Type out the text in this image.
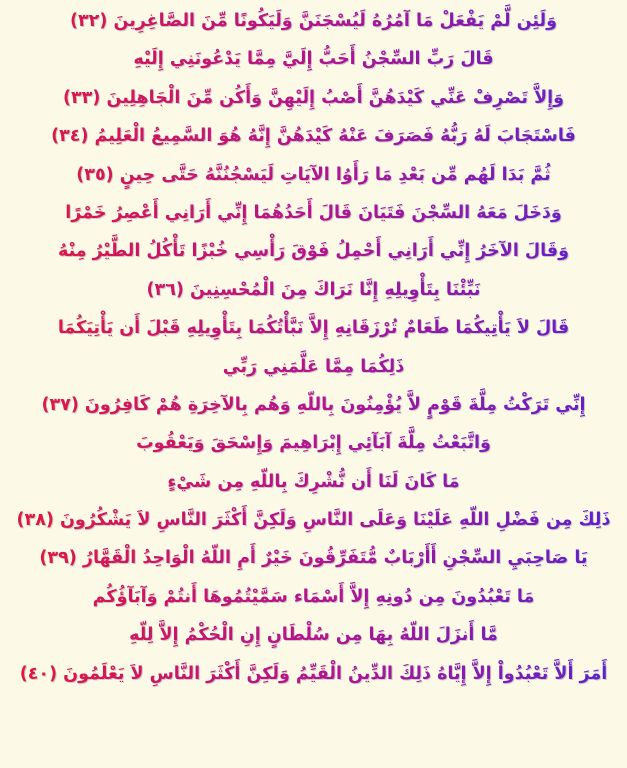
وَلَئِن لَّمْ يَفْعَلْ مَا آمُرُهُ لَيُسْجَنَنَّ وَلَيَكُونًا مِّنَ الصَّاغِرِينَ (٣٢)
قَالَ رَبِّ السِّجْنُ أَحَبُّ إِلَيَّ مِمَّا يَدْعُونَنِي إِلَيْهِ
وَإِلاَّ تَصْرِفْ عَنِّي كَيْدَهُنَّ أَصْبُ إِلَيْهِنَّ وَأَكُن مِّنَ الْجَاهِلِينَ (٣٣)
فَاسْتَجَابَ لَهُ رَبُّهُ فَصَرَفَ عَنْهُ كَيْدَهُنَّ إِنَّهُ هُوَ السَّمِيعُ الْعَلِيمُ (٣٤)
ثُمَّ بَدَا لَهُم مِّن بَعْدِ مَا رَأَوُا الآيَاتِ لَيَسْجُنُنَّهُ حَتَّى حِينٍ (٣٥)
وَدَخَلَ مَعَهُ السِّجْنَ فَتَيَانَ قَالَ أَحَدُهُمَا إِنِّي أَرَانِي أَعْصِرُ خَمْرًا
وَقَالَ الآخَرُ إِنِّي أَرَانِي أَحْمِلُ فَوْقَ رَأْسِي خُبْزًا تَأْكُلُ الطَّيْرُ مِنْهُ
نَبِّئْنَا بِتَأْوِيلِهِ إِنَّا نَرَاكَ مِنَ الْمُحْسِنِينَ (٣٦)
قَالَ لاَ يَأْتِيكُمَا طَعَامٌ تُرْزَقَانِهِ إِلاَّ نَبَّأْتُكُمَا بِتَأْوِيلِهِ قَبْلَ أَن يَأْتِيَكُمَا
ذَلِكُمَا مِمَّا عَلَّمَنِي رَبِّي
إِنِّي تَرَكْتُ مِلَّةَ قَوْمٍ لاَّ يُؤْمِنُونَ بِاللّهِ وَهُم بِالآخِرَةِ هُمْ كَافِرُونَ (٣٧)
وَاتَّبَعْتُ مِلَّةَ آبَآئِي إِبْرَاهِيمَ وَإِسْحَقَ وَيَعْقُوبَ
مَا كَانَ لَنَا أَن نُّشْرِكَ بِاللّهِ مِن شَيْءٍ
ذَلِكَ مِن فَضْلِ اللّهِ عَلَيْنَا وَعَلَى النَّاسِ وَلَكِنَّ أَكْثَرَ النَّاسِ لاَ يَشْكُرُونَ (٣٨)
يَا صَاحِبَيِ السِّجْنِ أَأَرْبَابٌ مُّتَفَرِّقُونَ خَيْرٌ أَمِ اللّهُ الْوَاحِدُ الْقَهَّارُ (٣٩)
مَا تَعْبُدُونَ مِن دُونِهِ إِلاَّ أَسْمَاء سَمَّيْتُمُوهَا أَنتُمْ وَآبَآؤُكُم
مَّا أَنزَلَ اللّهُ بِهَا مِن سُلْطَانٍ إِنِ الْحُكْمُ إِلاَّ لِلّهِ
أَمَرَ أَلاَّ تَعْبُدُواْ إِلاَّ إِيَّاهُ ذَلِكَ الدِّينُ الْقَيِّمُ وَلَكِنَّ أَكْثَرَ النَّاسِ لاَ يَعْلَمُونَ (٤٠)
